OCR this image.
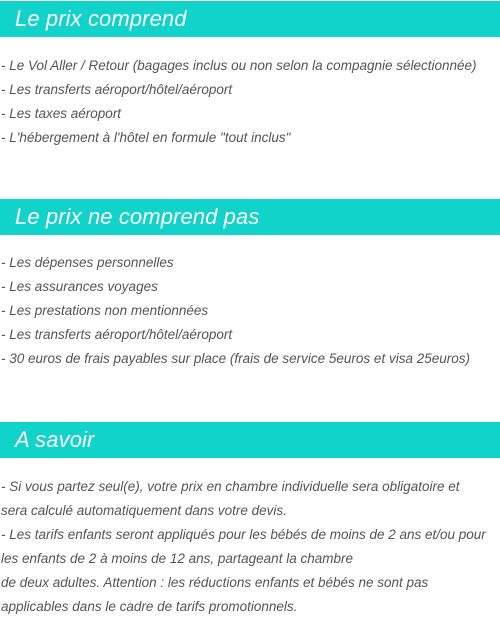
Le prix comprend
- Le Vol Aller / Retour (bagages inclus ou non selon la compagnie sélectionnée)
- Les transferts aéroport/hôtel/aéroport
- Les taxes aéroport
- L'hébergement à l'hôtel en formule "tout inclus"
Le prix ne comprend pas
- Les dépenses personnelles
- Les assurances voyages
- Les prestations non mentionnées
- Les transferts aéroport/hôtel/aéroport
- 30 euros de frais payables sur place (frais de service 5euros et visa 25euros)
A savoir

- Si vous partez seul(e), votre prix en chambre individuelle sera obligatoire et
sera calculé automatiquement dans votre devis.
- Les tarifs enfants seront appliqués pour les bébés de moins de 2 ans et/ou pour
les enfants de 2 à moins de 12 ans, partageant la chambre
de deux adultes. Attention : les réductions enfants et bébés ne sont pas
applicables dans le cadre de tarifs promotionnels.
